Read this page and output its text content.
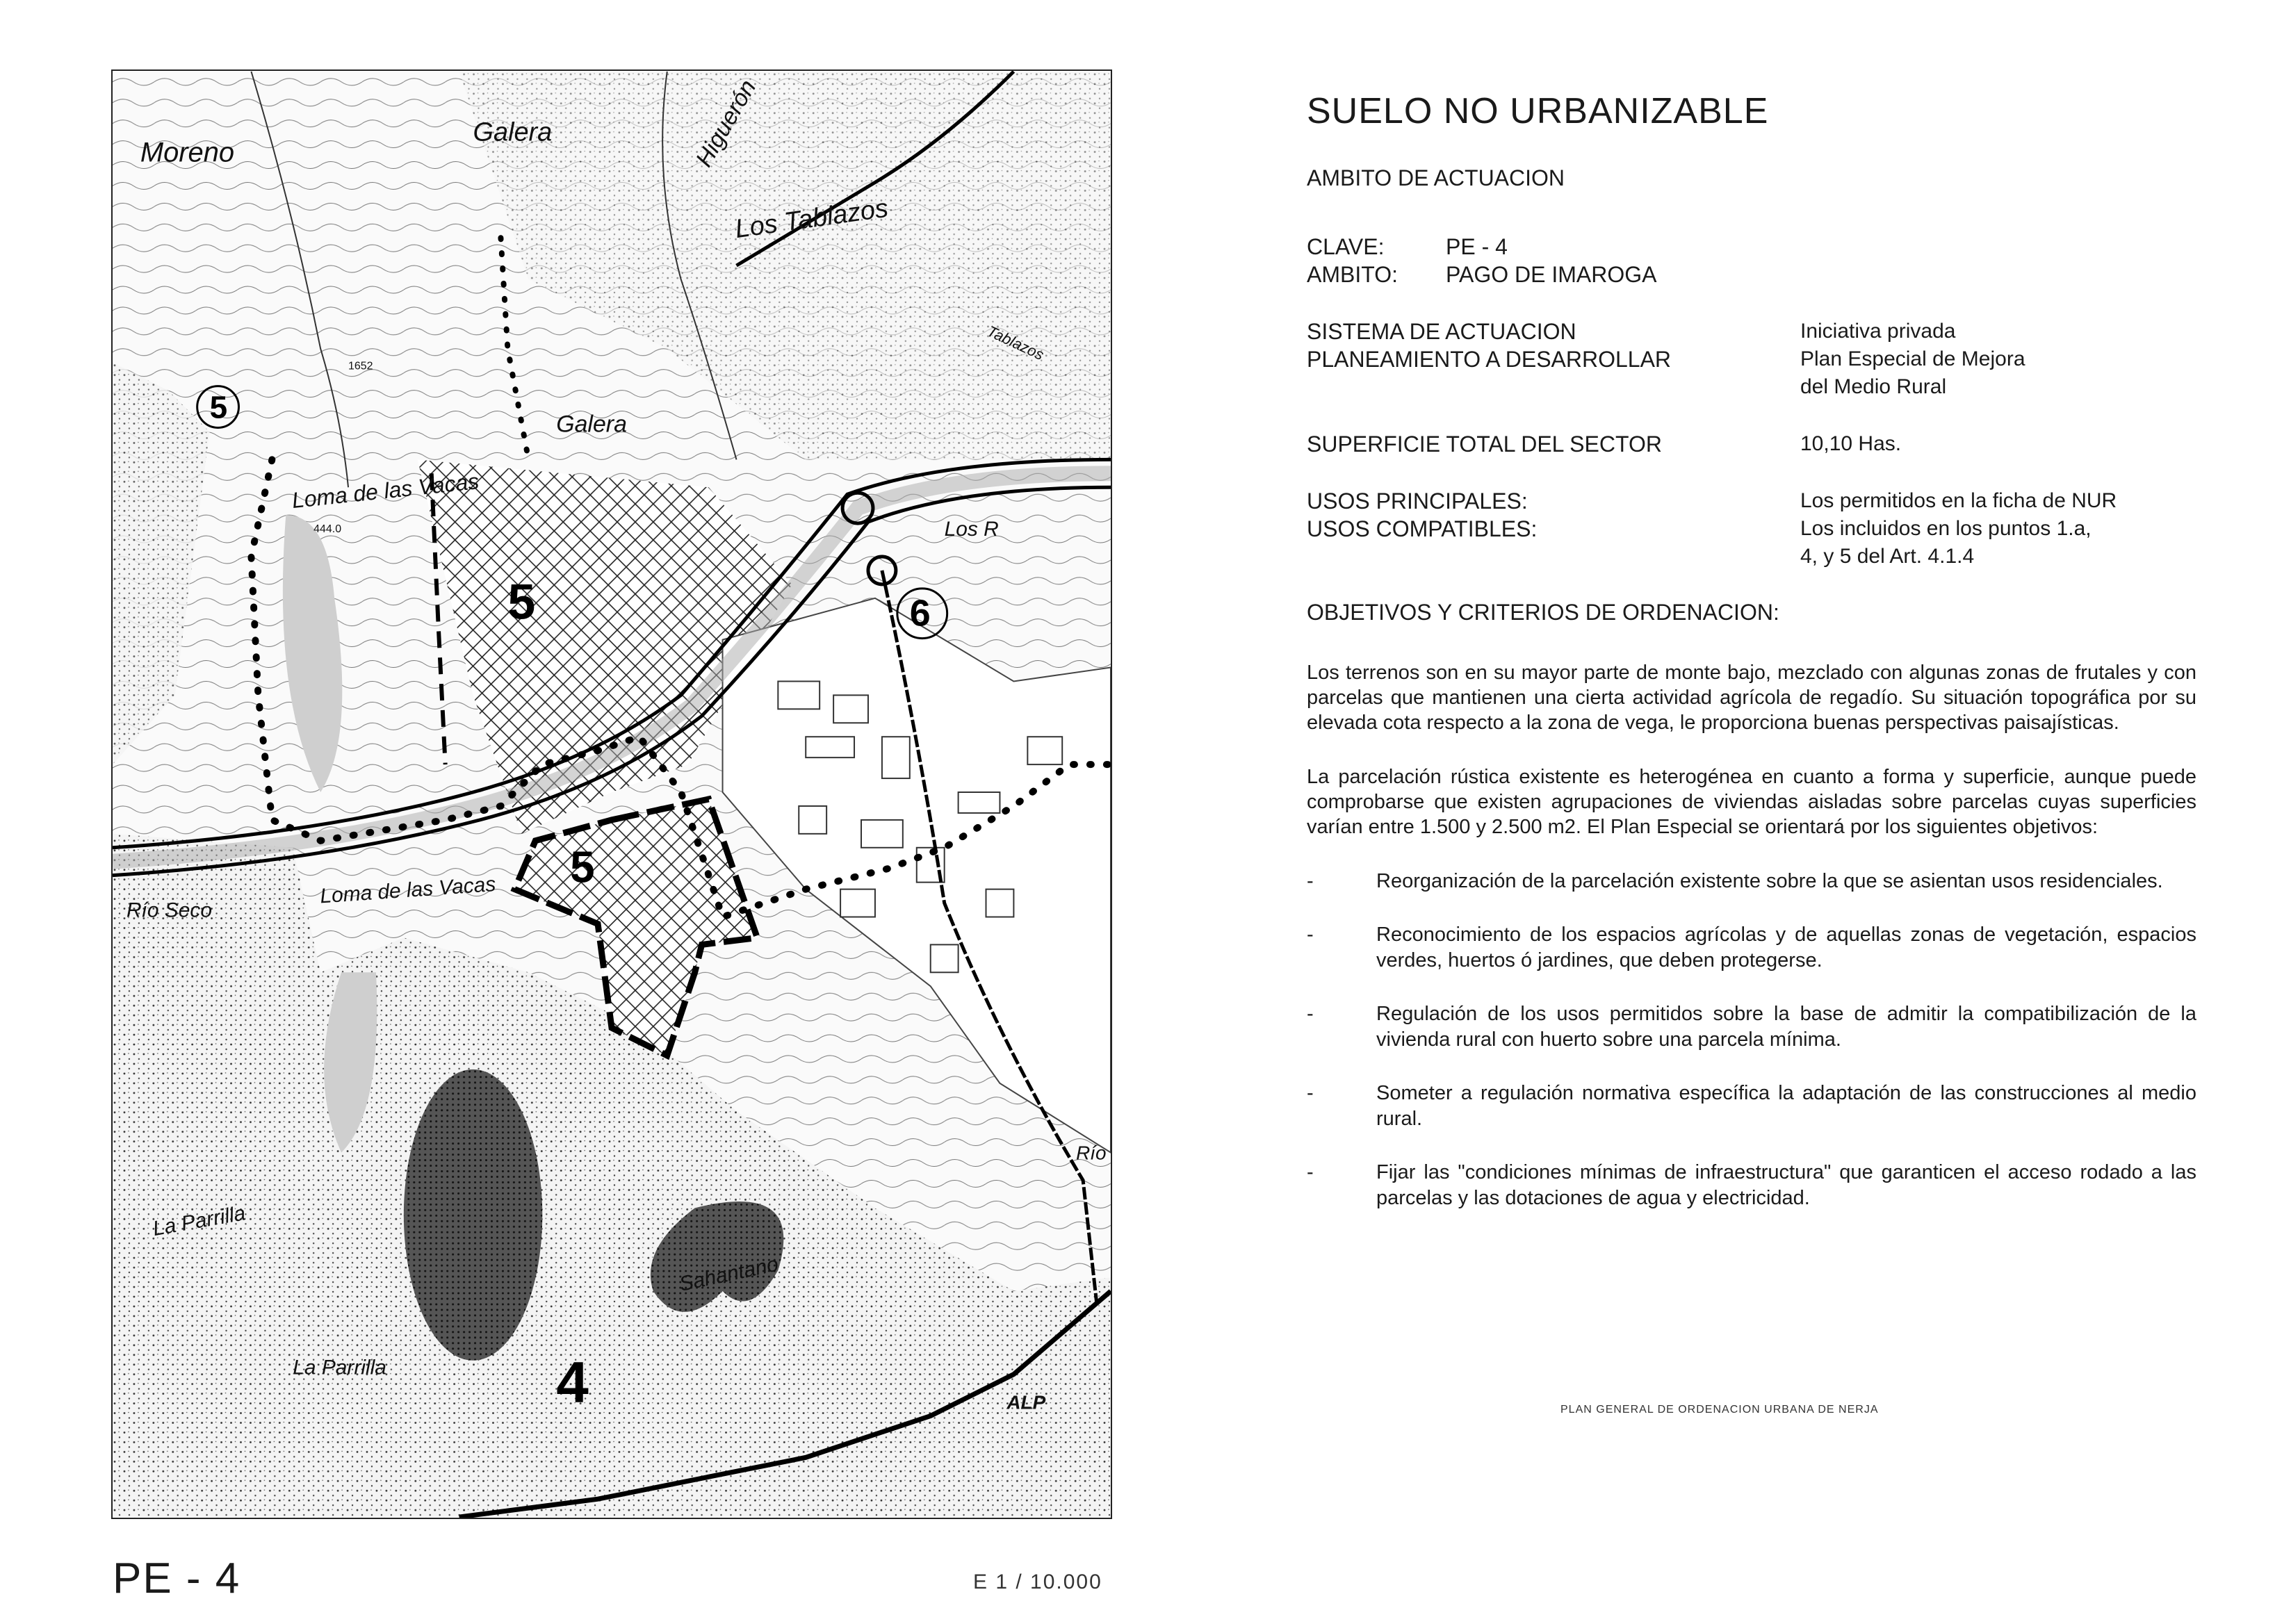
5
5
5
6
4
Moreno
Galera
Los Tablazos
Tablazos
Galera
Loma de las Vacas
Los R
Loma de las Vacas
Río Seco
La Parrilla
Sahantano
La Parrilla
Río
ALP
Higuerón
444.0
1652
PE - 4	E 1 / 10.000
SUELO NO URBANIZABLE
AMBITO DE ACTUACION
CLAVE:	PE - 4
AMBITO:	PAGO DE IMAROGA
SISTEMA DE ACTUACION	Iniciativa privada
PLANEAMIENTO A DESARROLLAR	Plan Especial de Mejora
del Medio Rural
SUPERFICIE TOTAL DEL SECTOR	10,10 Has.
USOS PRINCIPALES:	Los permitidos en la ficha de NUR
USOS COMPATIBLES:	Los incluidos en los puntos 1.a,
4, y 5 del Art. 4.1.4
OBJETIVOS Y CRITERIOS DE ORDENACION:

Los terrenos son en su mayor parte de monte bajo, mezclado con algunas zonas de frutales y con parcelas que mantienen una cierta actividad agrícola de regadío. Su situación topográfica por su elevada cota respecto a la zona de vega, le proporciona buenas perspectivas paisajísticas.

La parcelación rústica existente es heterogénea en cuanto a forma y superficie, aunque puede comprobarse que existen agrupaciones de viviendas aisladas sobre parcelas cuyas superficies varían entre 1.500 y 2.500 m2. El Plan Especial se orientará por los siguientes objetivos:

-	Reorganización de la parcelación existente sobre la que se asientan usos residenciales.
-	Reconocimiento de los espacios agrícolas y de aquellas zonas de vegetación, espacios verdes, huertos ó jardines, que deben protegerse.
-	Regulación de los usos permitidos sobre la base de admitir la compatibilización de la vivienda rural con huerto sobre una parcela mínima.
-	Someter a regulación normativa específica la adaptación de las construcciones al medio rural.
-	Fijar las "condiciones mínimas de infraestructura" que garanticen el acceso rodado a las parcelas y las dotaciones de agua y electricidad.
PLAN GENERAL DE ORDENACION URBANA DE NERJA
